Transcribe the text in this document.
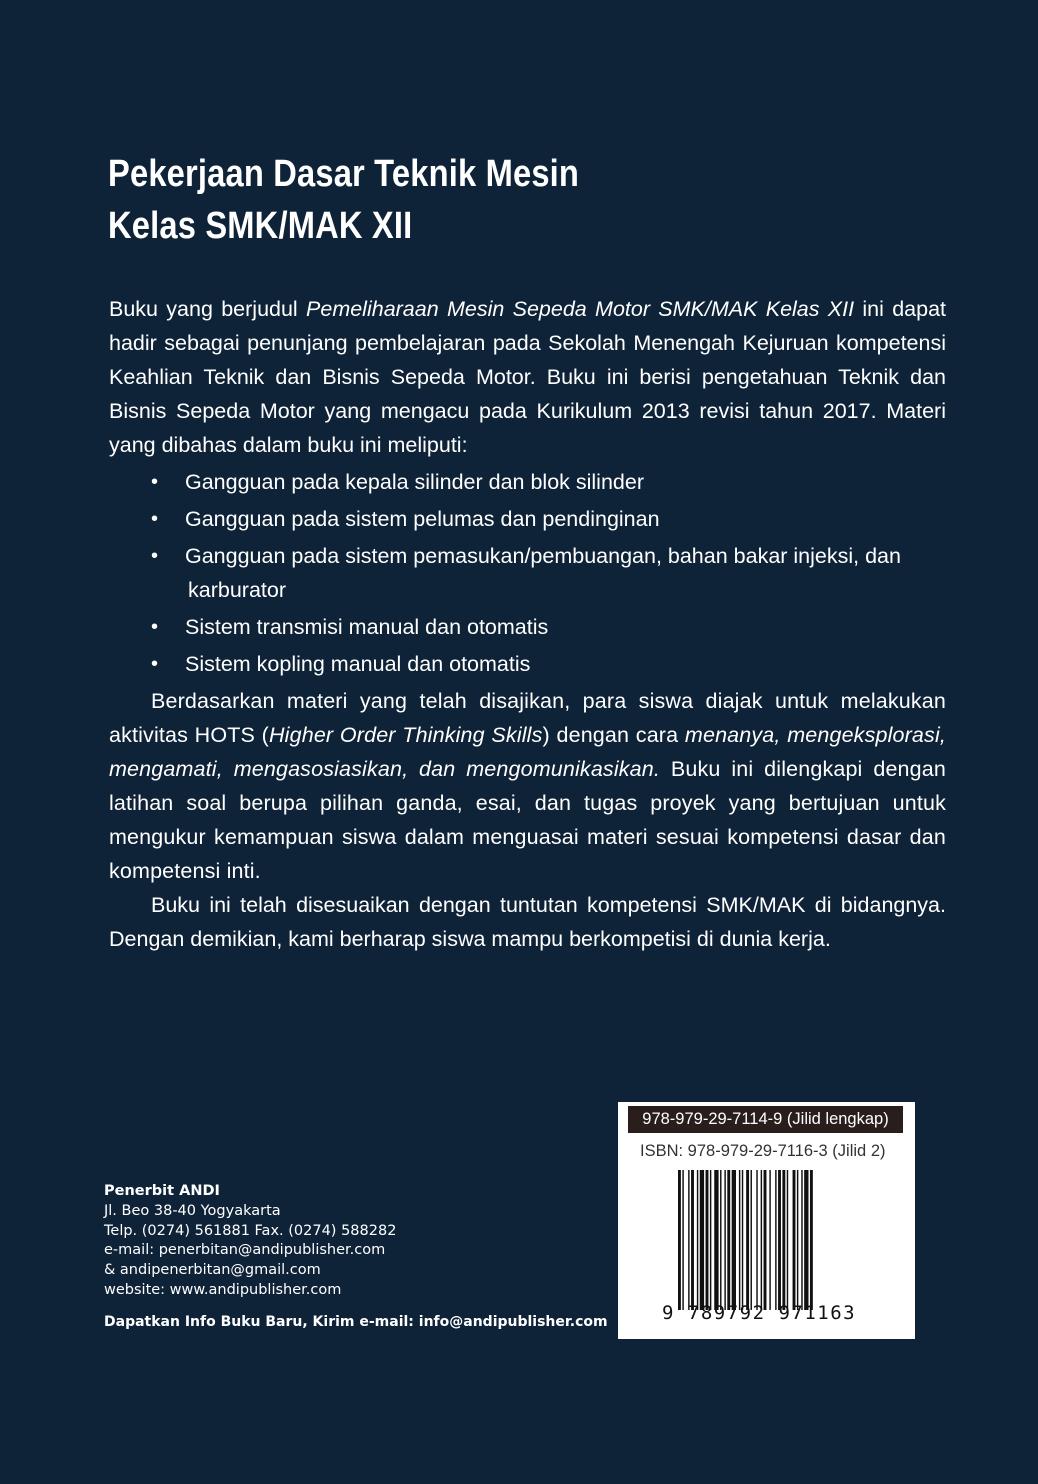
Pekerjaan Dasar Teknik Mesin
Kelas SMK/MAK XII

Buku yang berjudul Pemeliharaan Mesin Sepeda Motor SMK/MAK Kelas XII ini dapat hadir sebagai penunjang pembelajaran pada Sekolah Menengah Kejuruan kompetensi Keahlian Teknik dan Bisnis Sepeda Motor. Buku ini berisi pengetahuan Teknik dan Bisnis Sepeda Motor yang mengacu pada Kurikulum 2013 revisi tahun 2017. Materi yang dibahas dalam buku ini meliputi:

• Gangguan pada kepala silinder dan blok silinder
• Gangguan pada sistem pelumas dan pendinginan
• Gangguan pada sistem pemasukan/pembuangan, bahan bakar injeksi, dan
karburator
• Sistem transmisi manual dan otomatis
• Sistem kopling manual dan otomatis

Berdasarkan materi yang telah disajikan, para siswa diajak untuk melakukan aktivitas HOTS (Higher Order Thinking Skills) dengan cara menanya, mengeksplorasi, mengamati, mengasosiasikan, dan mengomunikasikan. Buku ini dilengkapi dengan latihan soal berupa pilihan ganda, esai, dan tugas proyek yang bertujuan untuk mengukur kemampuan siswa dalam menguasai materi sesuai kompetensi dasar dan kompetensi inti.

Buku ini telah disesuaikan dengan tuntutan kompetensi SMK/MAK di bidangnya. Dengan demikian, kami berharap siswa mampu berkompetisi di dunia kerja.

Penerbit ANDI
Jl. Beo 38-40 Yogyakarta
Telp. (0274) 561881 Fax. (0274) 588282
e-mail: penerbitan@andipublisher.com
& andipenerbitan@gmail.com
website: www.andipublisher.com
Dapatkan Info Buku Baru, Kirim e-mail: info@andipublisher.com
978-979-29-7114-9 (Jilid lengkap)
ISBN: 978-979-29-7116-3 (Jilid 2)
9 789792 971163
